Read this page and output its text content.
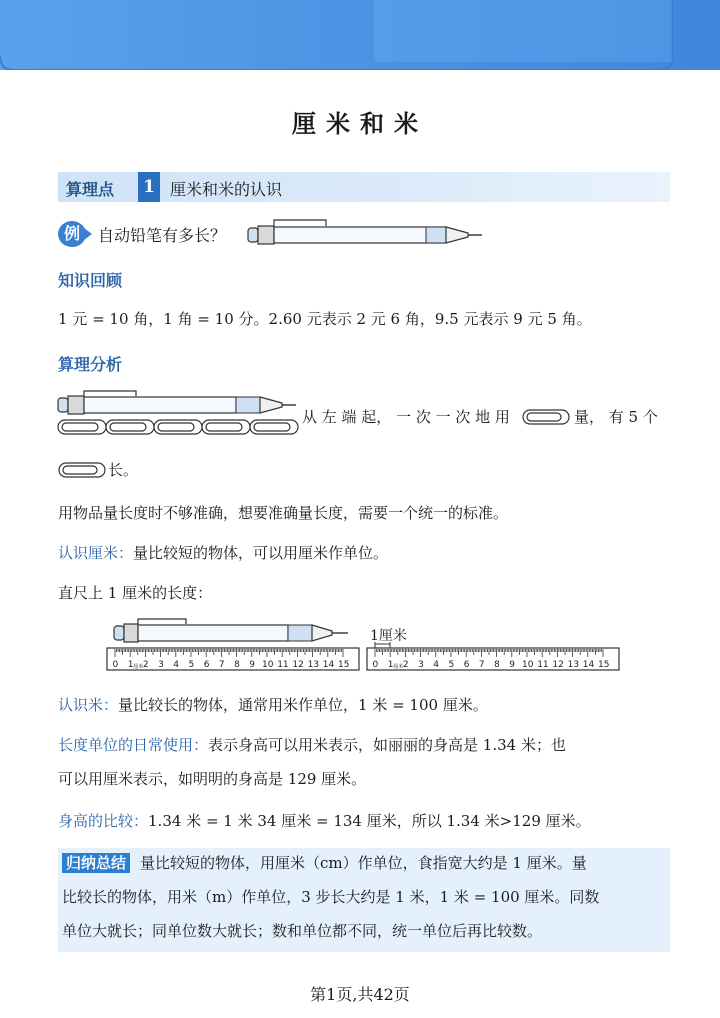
厘米和米
算理点 1 厘米和米的认识
例	自动铅笔有多长？
知识回顾
1 元 = 10 角，1 角 = 10 分。2.60 元表示 2 元 6 角，9.5 元表示 9 元 5 角。
算理分析
从 左 端 起， 一 次 一 次 地 用	量， 有 5 个
长。
用物品量长度时不够准确，想要准确量长度，需要一个统一的标准。
认识厘米：量比较短的物体，可以用厘米作单位。
直尺上 1 厘米的长度：
0 1 2 3 4 5 6 7 8 9 10 11 12 13 14 15
厘米
1厘米
0 1 2 3 4 5 6 7 8 9 10 11 12 13 14 15
厘米
认识米：量比较长的物体，通常用米作单位，1 米 = 100 厘米。
长度单位的日常使用：表示身高可以用米表示，如丽丽的身高是 1.34 米；也
可以用厘米表示，如明明的身高是 129 厘米。
身高的比较：1.34 米 = 1 米 34 厘米 = 134 厘米，所以 1.34 米>129 厘米。
归纳总结 量比较短的物体，用厘米（cm）作单位，食指宽大约是 1 厘米。量
比较长的物体，用米（m）作单位，3 步长大约是 1 米，1 米 = 100 厘米。同数
单位大就长；同单位数大就长；数和单位都不同，统一单位后再比较数。
第1页,共42页
